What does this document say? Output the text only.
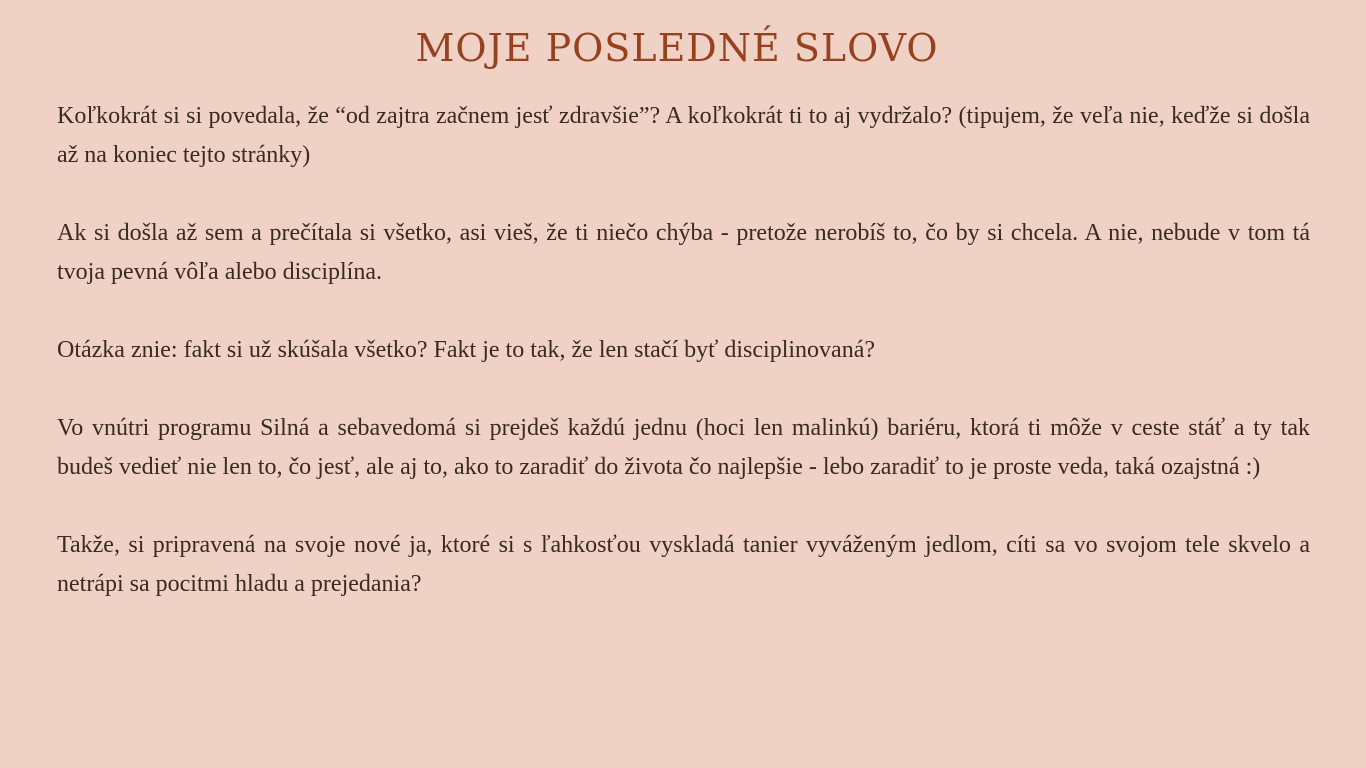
MOJE POSLEDNÉ SLOVO

Koľkokrát si si povedala, že “od zajtra začnem jesť zdravšie”? A koľkokrát ti to aj vydržalo? (tipujem, že veľa nie, keďže si došla až na koniec tejto stránky)

Ak si došla až sem a prečítala si všetko, asi vieš, že ti niečo chýba - pretože nerobíš to, čo by si chcela. A nie, nebude v tom tá tvoja pevná vôľa alebo disciplína.

Otázka znie: fakt si už skúšala všetko? Fakt je to tak, že len stačí byť disciplinovaná?

Vo vnútri programu Silná a sebavedomá si prejdeš každú jednu (hoci len malinkú) bariéru, ktorá ti môže v ceste stáť a ty tak budeš vedieť nie len to, čo jesť, ale aj to, ako to zaradiť do života čo najlepšie - lebo zaradiť to je proste veda, taká ozajstná :)

Takže, si pripravená na svoje nové ja, ktoré si s ľahkosťou vyskladá tanier vyváženým jedlom, cíti sa vo svojom tele skvelo a netrápi sa pocitmi hladu a prejedania?
